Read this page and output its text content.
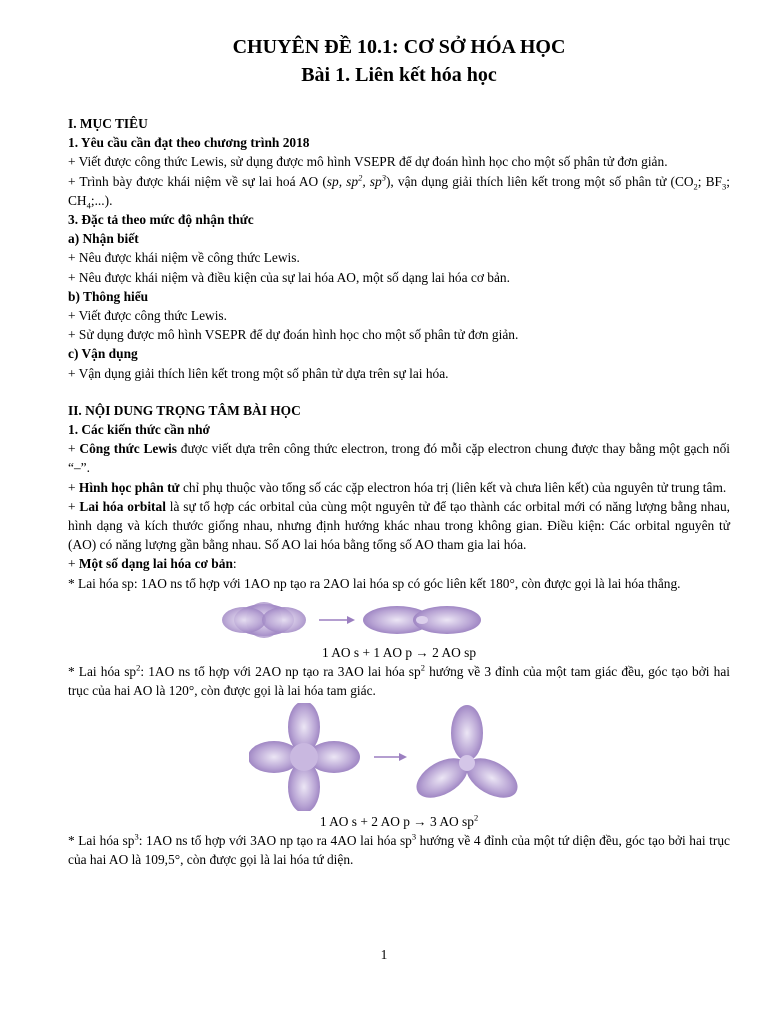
CHUYÊN ĐỀ 10.1: CƠ SỞ HÓA HỌC
Bài 1. Liên kết hóa học

I. MỤC TIÊU

1. Yêu cầu cần đạt theo chương trình 2018

+ Viết được công thức Lewis, sử dụng được mô hình VSEPR để dự đoán hình học cho một số phân tử đơn giản.

+ Trình bày được khái niệm về sự lai hoá AO (sp, $sp^2$, $sp^3$), vận dụng giải thích liên kết trong một số phân tử ($CO_2$; $BF_3$; $CH_4$;...).

3. Đặc tả theo mức độ nhận thức

a) Nhận biết

+ Nêu được khái niệm về công thức Lewis.

+ Nêu được khái niệm và điều kiện của sự lai hóa AO, một số dạng lai hóa cơ bản.

b) Thông hiểu

+ Viết được công thức Lewis.

+ Sử dụng được mô hình VSEPR để dự đoán hình học cho một số phân tử đơn giản.

c) Vận dụng

+ Vận dụng giải thích liên kết trong một số phân tử dựa trên sự lai hóa.

II. NỘI DUNG TRỌNG TÂM BÀI HỌC

1. Các kiến thức cần nhớ

+ Công thức Lewis được viết dựa trên công thức electron, trong đó mỗi cặp electron chung được thay bằng một gạch nối “–”.

+ Hình học phân tử chỉ phụ thuộc vào tổng số các cặp electron hóa trị (liên kết và chưa liên kết) của nguyên tử trung tâm.

+ Lai hóa orbital là sự tổ hợp các orbital của cùng một nguyên tử để tạo thành các orbital mới có năng lượng bằng nhau, hình dạng và kích thước giống nhau, nhưng định hướng khác nhau trong không gian. Điều kiện: Các orbital nguyên tử (AO) có năng lượng gần bằng nhau. Số AO lai hóa bằng tổng số AO tham gia lai hóa.

+ Một số dạng lai hóa cơ bản:

* Lai hóa sp: 1AO ns tổ hợp với 1AO np tạo ra 2AO lai hóa sp có góc liên kết 180°, còn được gọi là lai hóa thẳng.

1 AO s + 1 AO p → 2 AO sp

* Lai hóa $sp^2$: 1AO ns tổ hợp với 2AO np tạo ra 3AO lai hóa $sp^2$ hướng về 3 đỉnh của một tam giác đều, góc tạo bởi hai trục của hai AO là 120°, còn được gọi là lai hóa tam giác.

1 AO s + 2 AO p → 3 AO $sp^2$

* Lai hóa $sp^3$: 1AO ns tổ hợp với 3AO np tạo ra 4AO lai hóa $sp^3$ hướng về 4 đỉnh của một tứ diện đều, góc tạo bởi hai trục của hai AO là 109,5°, còn được gọi là lai hóa tứ diện.

1
